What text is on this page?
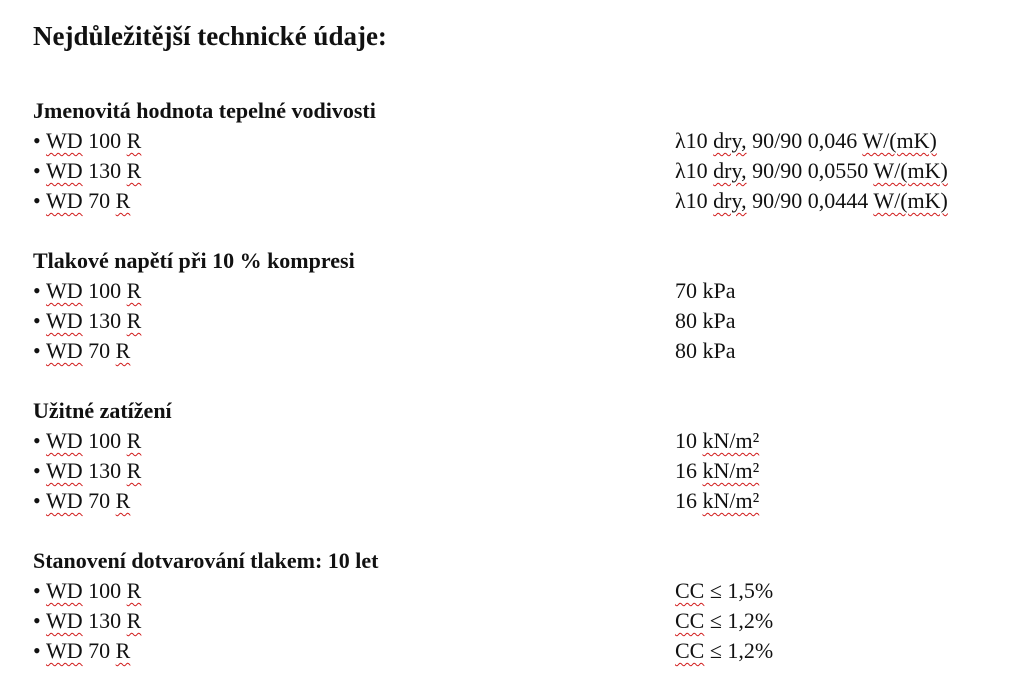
Nejdůležitější technické údaje:
Jmenovitá hodnota tepelné vodivosti
• WD 100 R	λ10 dry, 90/90 0,046 W/(mK)
• WD 130 R	λ10 dry, 90/90 0,0550 W/(mK)
• WD 70 R	λ10 dry, 90/90 0,0444 W/(mK)
Tlakové napětí při 10 % kompresi
• WD 100 R	70 kPa
• WD 130 R	80 kPa
• WD 70 R	80 kPa
Užitné zatížení
• WD 100 R	10 kN/m²
• WD 130 R	16 kN/m²
• WD 70 R	16 kN/m²
Stanovení dotvarování tlakem: 10 let
• WD 100 R	CC ≤ 1,5%
• WD 130 R	CC ≤ 1,2%
• WD 70 R	CC ≤ 1,2%
